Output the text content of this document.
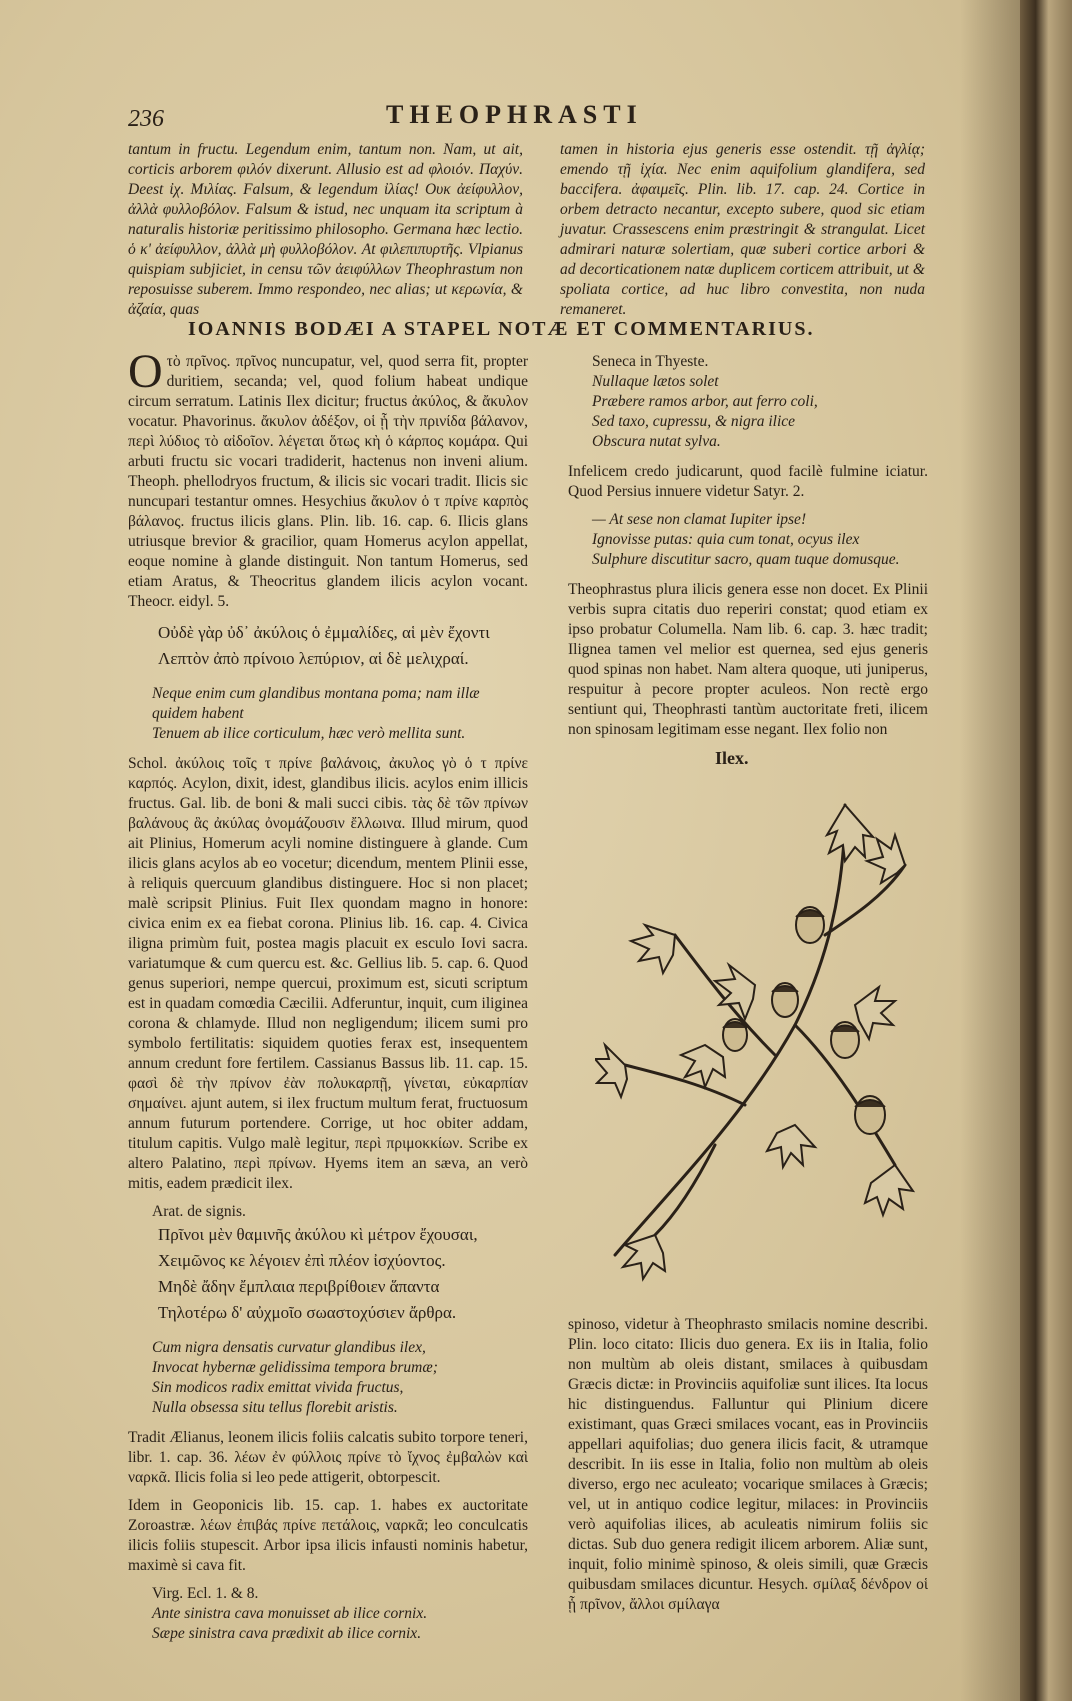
236	THEOPHRASTI

tantum in fructu. Legendum enim, tantum non. Nam, ut ait, corticis arborem φιλόν dixerunt. Allusio est ad φλοιόν. Παχύν. Deest ἰχ. Μιλίας. Falsum, & legendum ἰλίας! Ουκ ἀείφυλλον, ἀλλὰ φυλλοβόλον. Falsum & istud, nec unquam ita scriptum à naturalis historiæ peritissimo philosopho. Germana hæc lectio. ὁ κ' ἀείφυλλον, ἀλλὰ μὴ φυλλοβόλον. At φιλεπιπυρτῆς. Vlpianus quispiam subjiciet, in censu τῶν ἀειφύλλων Theophrastum non reposuisse suberem. Immo respondeo, nec alias; ut κερωνία, & ἀζαία, quas

tamen in historia ejus generis esse ostendit. τῇ ἀγλίᾳ; emendo τῇ ἰχία. Nec enim aquifolium glandifera, sed baccifera. ἀφαιμεῖς. Plin. lib. 17. cap. 24. Cortice in orbem detracto necantur, excepto subere, quod sic etiam juvatur. Crassescens enim præstringit & strangulat. Licet admirari naturæ solertiam, quæ suberi cortice arbori & ad decorticationem natæ duplicem corticem attribuit, ut & spoliata cortice, ad huc libro convestita, non nuda remaneret.

IOANNIS BODÆI A STAPEL NOTÆ ET COMMENTARIUS.

O τὸ πρῖνος. πρῖνος nuncupatur, vel, quod serra fit, propter duritiem, secanda; vel, quod folium habeat undique circum serratum. Latinis Ilex dicitur; fructus ἀκύλος, & ἄκυλον vocatur. Phavorinus. ἄκυλον ἀδέξον, οἱ ᾗ τὴν πρινίδα βάλανον, περὶ λύδιος τὸ αἰδοῖον. λέγεται ὅτως κὴ ὁ κάρπος κομάρα. Qui arbuti fructu sic vocari tradiderit, hactenus non inveni alium. Theoph. phellodryos fructum, & ilicis sic vocari tradit. Ilicis sic nuncupari testantur omnes. Hesychius ἄκυλον ὁ τ πρίνε καρπὸς βάλανος. fructus ilicis glans. Plin. lib. 16. cap. 6. Ilicis glans utriusque brevior & gracilior, quam Homerus acylon appellat, eoque nomine à glande distinguit. Non tantum Homerus, sed etiam Aratus, & Theocritus glandem ilicis acylon vocant. Theocr. eidyl. 5.

Οὐδὲ γὰρ ὐδ᾽ ἀκύλοις ὁ ἐμμαλίδες, αἱ μὲν ἔχοντι
Λεπτὸν ἀπὸ πρίνοιο λεπύριον, αἱ δὲ μελιχραί.
Neque enim cum glandibus montana poma; nam illæ quidem habent
Tenuem ab ilice corticulum, hæc verò mellita sunt.

Schol. ἀκύλοις τοῖς τ πρίνε βαλάνοις, ἀκυλος γὸ ὁ τ πρίνε καρπός. Acylon, dixit, idest, glandibus ilicis. acylos enim illicis fructus. Gal. lib. de boni & mali succi cibis. τὰς δὲ τῶν πρίνων βαλάνους ἃς ἀκύλας ὀνομάζουσιν ἔλλωινα. Illud mirum, quod ait Plinius, Homerum acyli nomine distinguere à glande. Cum ilicis glans acylos ab eo vocetur; dicendum, mentem Plinii esse, à reliquis quercuum glandibus distinguere. Hoc si non placet; malè scripsit Plinius. Fuit Ilex quondam magno in honore: civica enim ex ea fiebat corona. Plinius lib. 16. cap. 4. Civica iligna primùm fuit, postea magis placuit ex esculo Iovi sacra. variatumque & cum quercu est. &c. Gellius lib. 5. cap. 6. Quod genus superiori, nempe quercui, proximum est, sicuti scriptum est in quadam comœdia Cæcilii. Adferuntur, inquit, cum iliginea corona & chlamyde. Illud non negligendum; ilicem sumi pro symbolo fertilitatis: siquidem quoties ferax est, insequentem annum credunt fore fertilem. Cassianus Bassus lib. 11. cap. 15. φασὶ δὲ τὴν πρίνον ἐὰν πολυκαρπῇ, γίνεται, εὐκαρπίαν σημαίνει. ajunt autem, si ilex fructum multum ferat, fructuosum annum futurum portendere. Corrige, ut hoc obiter addam, titulum capitis. Vulgo malè legitur, περὶ πριμοκκίων. Scribe ex altero Palatino, περὶ πρίνων. Hyems item an sæva, an verò mitis, eadem prædicit ilex.

Arat. de signis.
Πρῖνοι μὲν θαμινῆς ἀκύλου κὶ μέτρον ἔχουσαι,
Χειμῶνος κε λέγοιεν ἐπὶ πλέον ἰσχύοντος.
Μηδὲ ἄδην ἔμπλαια περιβρίθοιεν ἅπαντα
Τηλοτέρω δ' αὐχμοῖο σωαστοχύσιεν ἄρθρα.
Cum nigra densatis curvatur glandibus ilex,
Invocat hybernæ gelidissima tempora brumæ;
Sin modicos radix emittat vivida fructus,
Nulla obsessa situ tellus florebit aristis.

Tradit Ælianus, leonem ilicis foliis calcatis subito torpore teneri, libr. 1. cap. 36. λέων ἐν φύλλοις πρίνε τὸ ἴχνος ἐμβαλὼν καὶ ναρκᾶ. Ilicis folia si leo pede attigerit, obtorpescit.

Idem in Geoponicis lib. 15. cap. 1. habes ex auctoritate Zoroastræ. λέων ἐπιβάς πρίνε πετάλοις, ναρκᾶ; leo conculcatis ilicis foliis stupescit. Arbor ipsa ilicis infausti nominis habetur, maximè si cava fit.

Virg. Ecl. 1. & 8.
Ante sinistra cava monuisset ab ilice cornix.
Sæpe sinistra cava prædixit ab ilice cornix.
Seneca in Thyeste.
Nullaque lætos solet
Præbere ramos arbor, aut ferro coli,
Sed taxo, cupressu, & nigra ilice
Obscura nutat sylva.

Infelicem credo judicarunt, quod facilè fulmine iciatur. Quod Persius innuere videtur Satyr. 2.

— At sese non clamat Iupiter ipse!
Ignovisse putas: quia cum tonat, ocyus ilex
Sulphure discutitur sacro, quam tuque domusque.

Theophrastus plura ilicis genera esse non docet. Ex Plinii verbis supra citatis duo reperiri constat; quod etiam ex ipso probatur Columella. Nam lib. 6. cap. 3. hæc tradit; Ilignea tamen vel melior est quernea, sed ejus generis quod spinas non habet. Nam altera quoque, uti juniperus, respuitur à pecore propter aculeos. Non rectè ergo sentiunt qui, Theophrasti tantùm auctoritate freti, ilicem non spinosam legitimam esse negant. Ilex folio non

Ilex.

spinoso, videtur à Theophrasto smilacis nomine describi. Plin. loco citato: Ilicis duo genera. Ex iis in Italia, folio non multùm ab oleis distant, smilaces à quibusdam Græcis dictæ: in Provinciis aquifoliæ sunt ilices. Ita locus hic distinguendus. Falluntur qui Plinium dicere existimant, quas Græci smilaces vocant, eas in Provinciis appellari aquifolias; duo genera ilicis facit, & utramque describit. In iis esse in Italia, folio non multùm ab oleis diverso, ergo nec aculeato; vocarique smilaces à Græcis; vel, ut in antiquo codice legitur, milaces: in Provinciis verò aquifolias ilices, ab aculeatis nimirum foliis sic dictas. Sub duo genera redigit ilicem arborem. Aliæ sunt, inquit, folio minimè spinoso, & oleis simili, quæ Græcis quibusdam smilaces dicuntur. Hesych. σμίλαξ δένδρον οἱ ᾗ πρῖνον, ἄλλοι σμίλαγα
